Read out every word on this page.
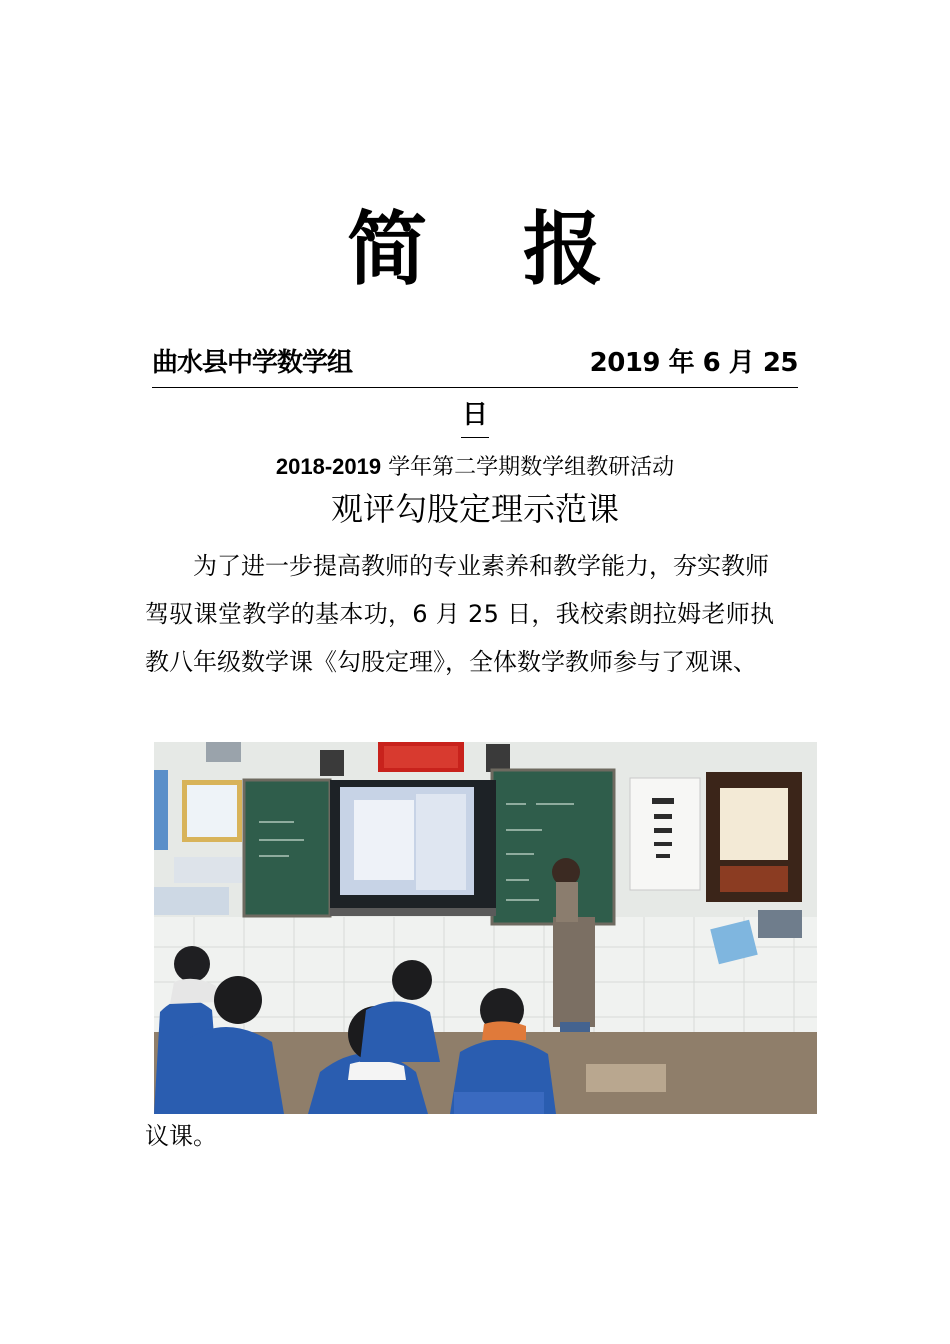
简 报
曲水县中学数学组	2019 年 6 月 25
日
2018-2019 学年第二学期数学组教研活动
观评勾股定理示范课

为了进一步提高教师的专业素养和教学能力，夯实教师

驾驭课堂教学的基本功，6 月 25 日，我校索朗拉姆老师执

教八年级数学课《勾股定理》，全体数学教师参与了观课、

议课。
